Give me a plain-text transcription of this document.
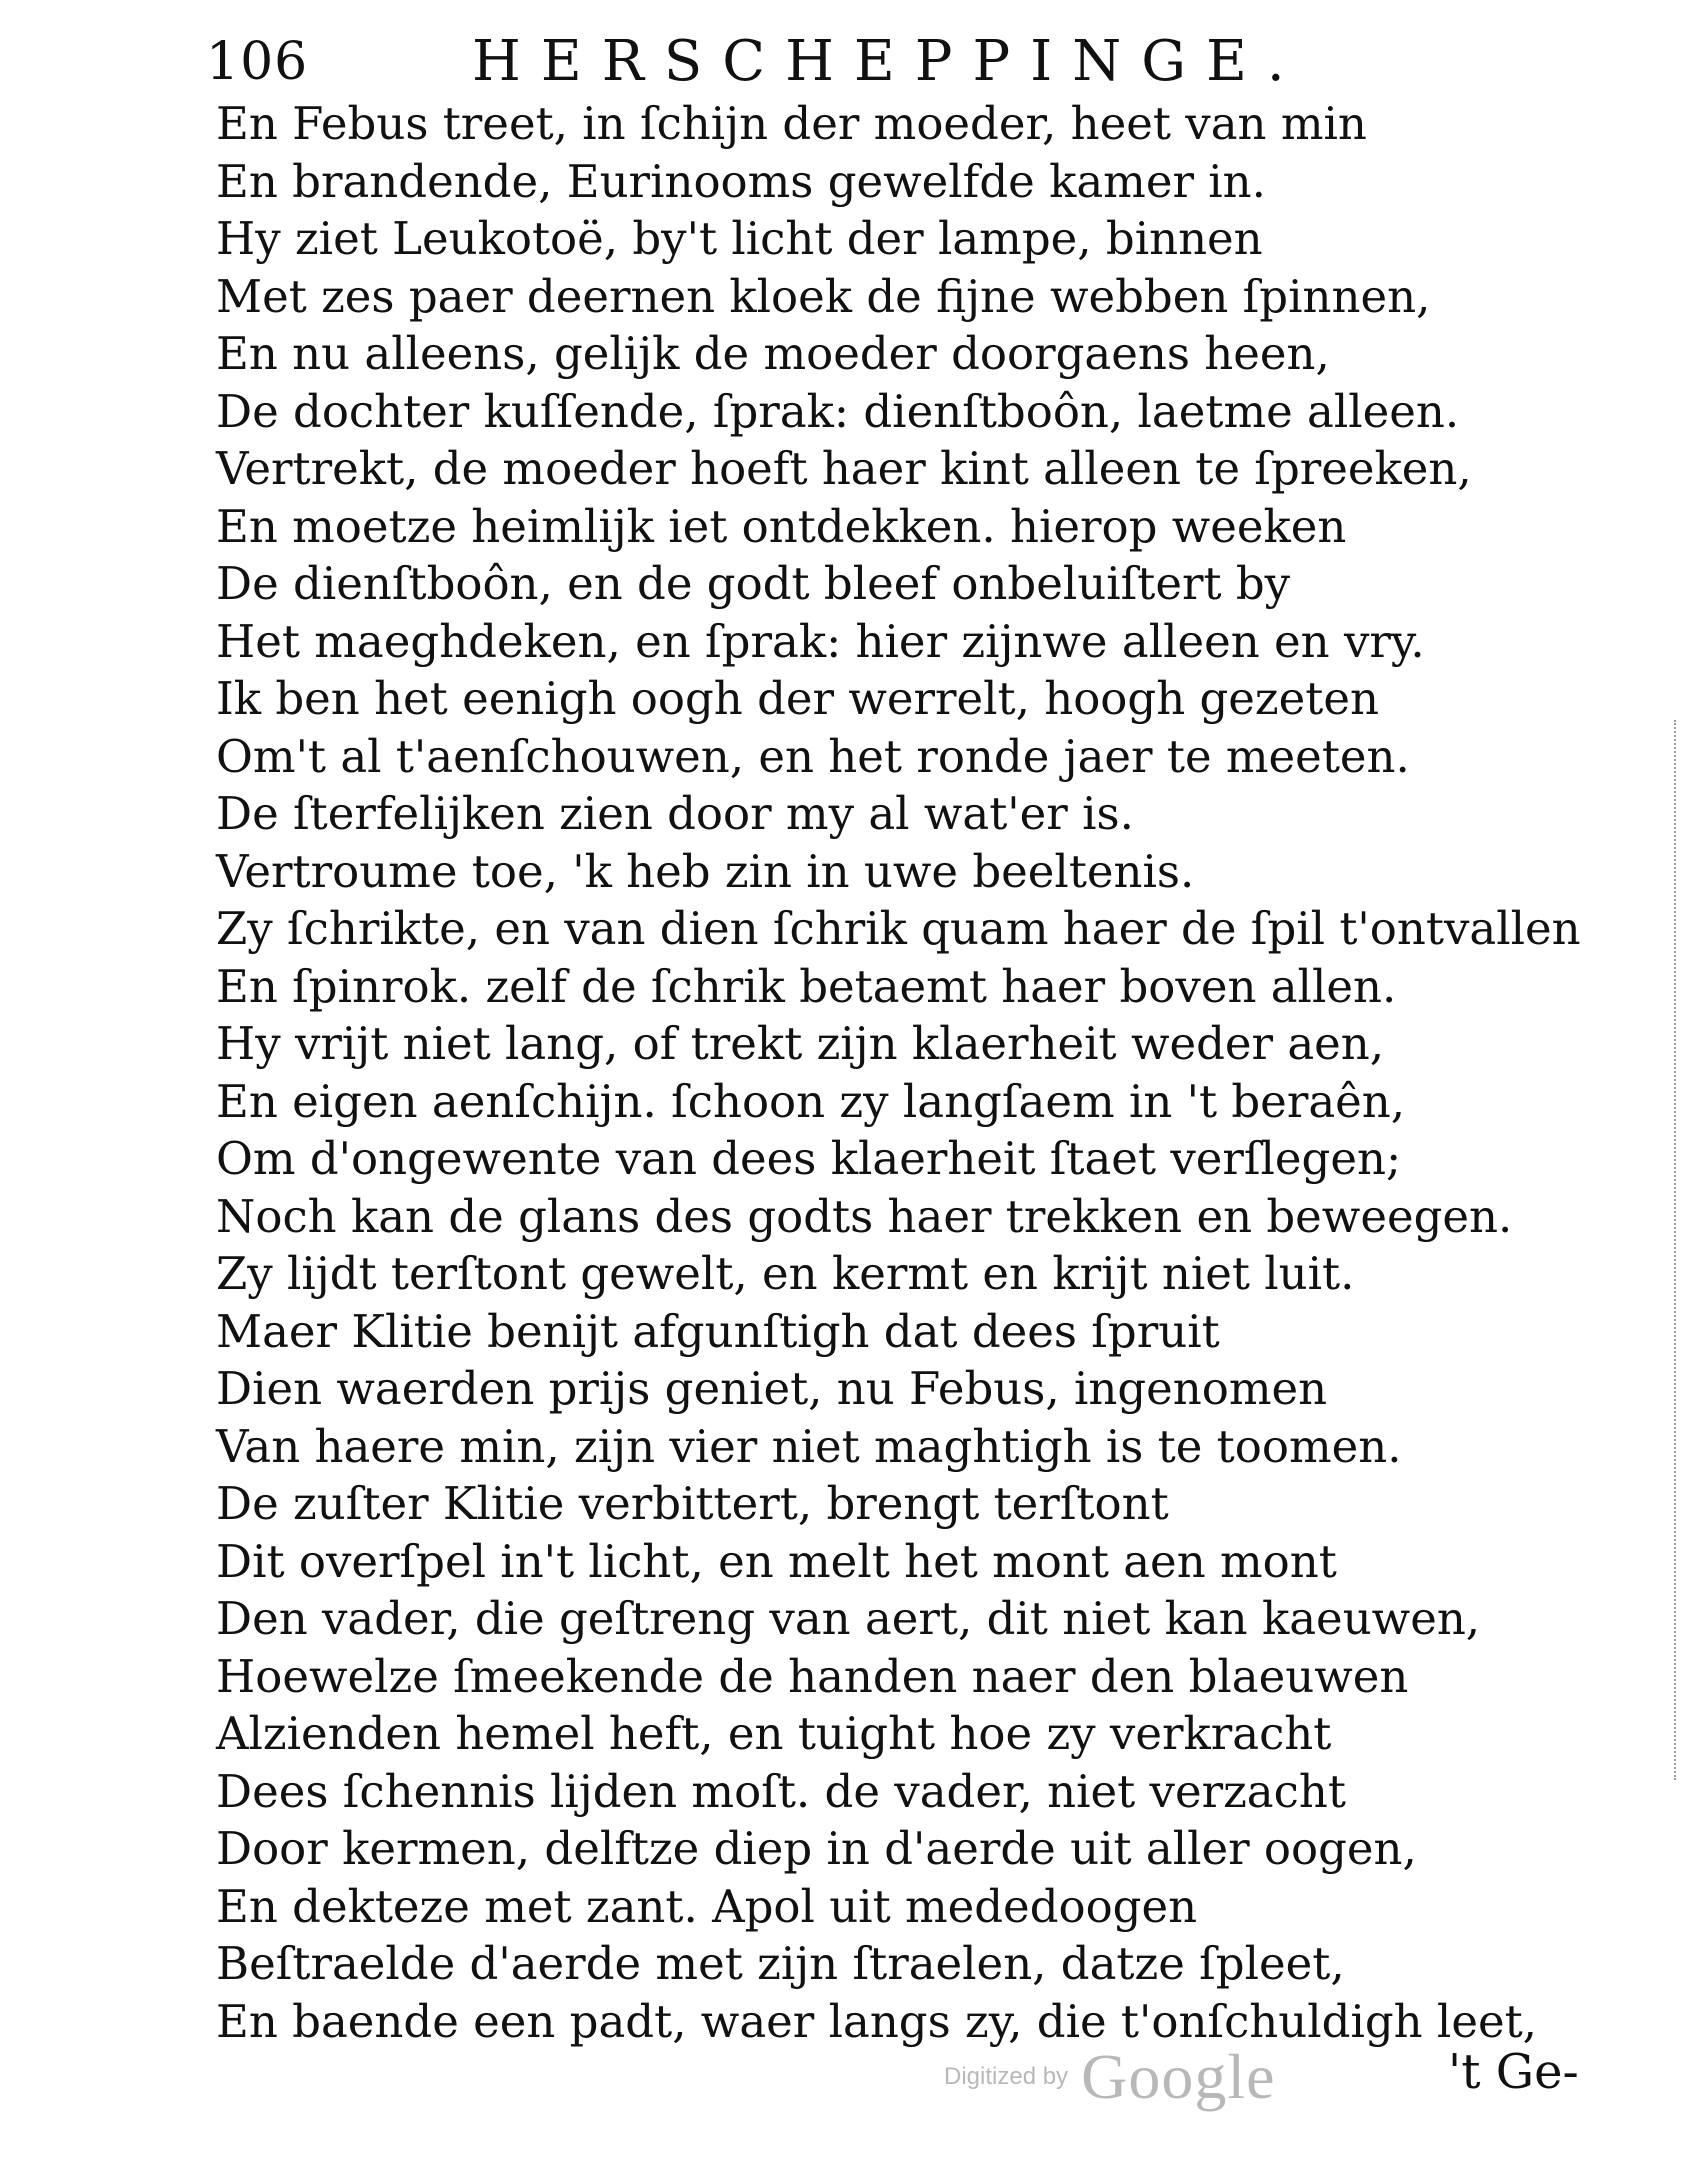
106	HERSCHEPPINGE.
En Febus treet, in ſchijn der moeder, heet van min
En brandende, Eurinooms gewelfde kamer in.
Hy ziet Leukotoë, by't licht der lampe, binnen
Met zes paer deernen kloek de fijne webben ſpinnen,
En nu alleens, gelijk de moeder doorgaens heen,
De dochter kuſſende, ſprak: dienſtboôn, laetme alleen.
Vertrekt, de moeder hoeft haer kint alleen te ſpreeken,
En moetze heimlijk iet ontdekken. hierop weeken
De dienſtboôn, en de godt bleef onbeluiſtert by
Het maeghdeken, en ſprak: hier zijnwe alleen en vry.
Ik ben het eenigh oogh der werrelt, hoogh gezeten
Om't al t'aenſchouwen, en het ronde jaer te meeten.
De ſterfelijken zien door my al wat'er is.
Vertroume toe, 'k heb zin in uwe beeltenis.
Zy ſchrikte, en van dien ſchrik quam haer de ſpil t'ontvallen
En ſpinrok. zelf de ſchrik betaemt haer boven allen.
Hy vrijt niet lang, of trekt zijn klaerheit weder aen,
En eigen aenſchijn. ſchoon zy langſaem in 't beraên,
Om d'ongewente van dees klaerheit ſtaet verſlegen;
Noch kan de glans des godts haer trekken en beweegen.
Zy lijdt terſtont gewelt, en kermt en krijt niet luit.
Maer Klitie benijt afgunſtigh dat dees ſpruit
Dien waerden prijs geniet, nu Febus, ingenomen
Van haere min, zijn vier niet maghtigh is te toomen.
De zuſter Klitie verbittert, brengt terſtont
Dit overſpel in't licht, en melt het mont aen mont
Den vader, die geſtreng van aert, dit niet kan kaeuwen,
Hoewelze ſmeekende de handen naer den blaeuwen
Alzienden hemel heft, en tuight hoe zy verkracht
Dees ſchennis lijden moſt. de vader, niet verzacht
Door kermen, delftze diep in d'aerde uit aller oogen,
En dekteze met zant. Apol uit mededoogen
Beſtraelde d'aerde met zijn ſtraelen, datze ſpleet,
En baende een padt, waer langs zy, die t'onſchuldigh leet,
Digitized by Google	't Ge-
